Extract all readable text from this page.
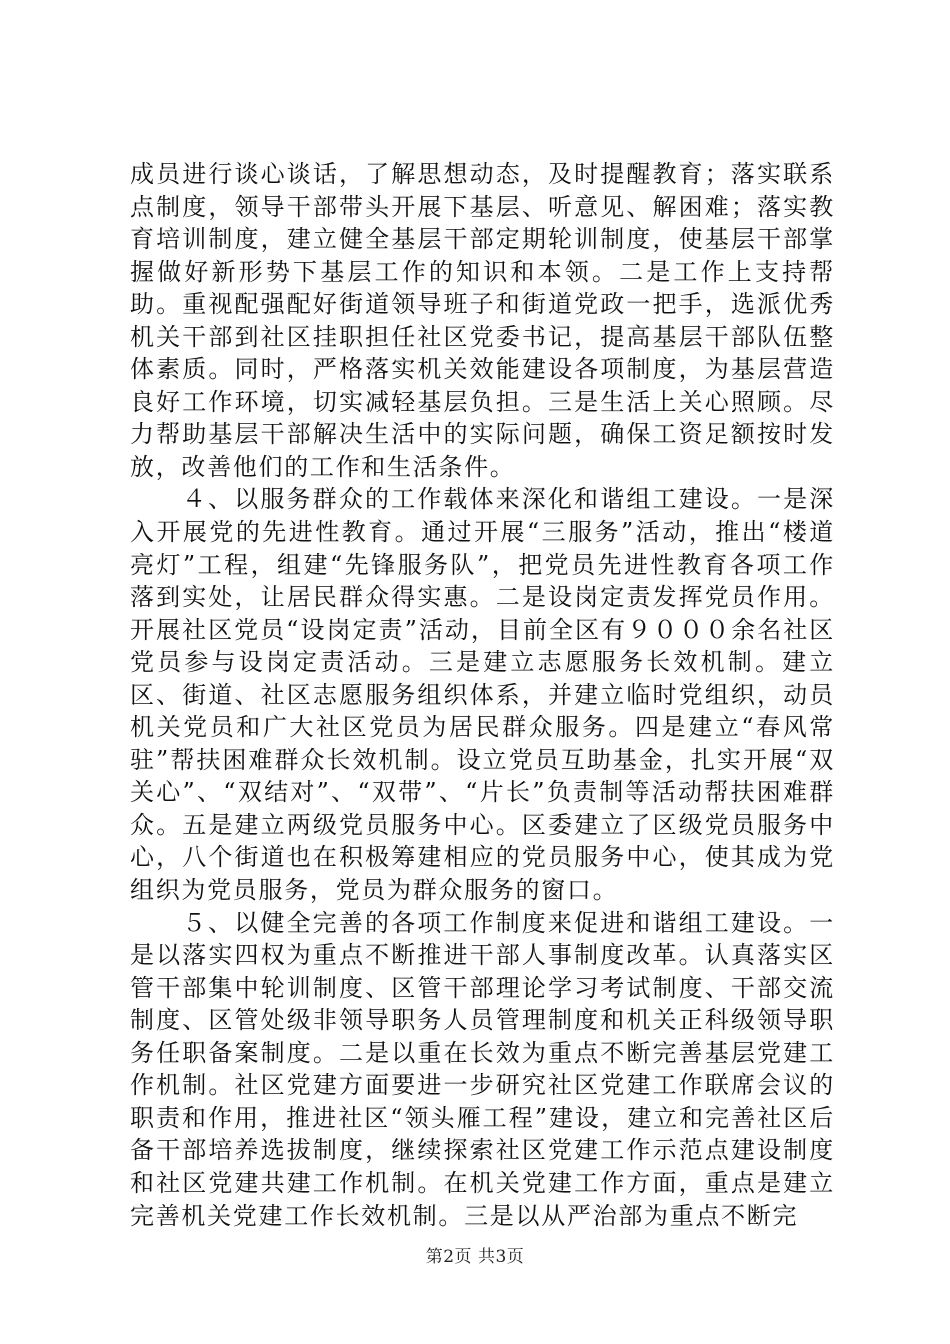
成员进行谈心谈话，了解思想动态，及时提醒教育；落实联系点制度，领导干部带头开展下基层、听意见、解困难；落实教育培训制度，建立健全基层干部定期轮训制度，使基层干部掌握做好新形势下基层工作的知识和本领。二是工作上支持帮助。重视配强配好街道领导班子和街道党政一把手，选派优秀机关干部到社区挂职担任社区党委书记，提高基层干部队伍整体素质。同时，严格落实机关效能建设各项制度，为基层营造良好工作环境，切实减轻基层负担。三是生活上关心照顾。尽力帮助基层干部解决生活中的实际问题，确保工资足额按时发放，改善他们的工作和生活条件。

４、以服务群众的工作载体来深化和谐组工建设。一是深入开展党的先进性教育。通过开展“三服务”活动，推出“楼道亮灯”工程，组建“先锋服务队”，把党员先进性教育各项工作落到实处，让居民群众得实惠。二是设岗定责发挥党员作用。开展社区党员“设岗定责”活动，目前全区有９０００余名社区党员参与设岗定责活动。三是建立志愿服务长效机制。建立区、街道、社区志愿服务组织体系，并建立临时党组织，动员机关党员和广大社区党员为居民群众服务。四是建立“春风常驻”帮扶困难群众长效机制。设立党员互助基金，扎实开展“双关心”、“双结对”、“双带”、“片长”负责制等活动帮扶困难群众。五是建立两级党员服务中心。区委建立了区级党员服务中心，八个街道也在积极筹建相应的党员服务中心，使其成为党组织为党员服务，党员为群众服务的窗口。

５、以健全完善的各项工作制度来促进和谐组工建设。一是以落实四权为重点不断推进干部人事制度改革。认真落实区管干部集中轮训制度、区管干部理论学习考试制度、干部交流制度、区管处级非领导职务人员管理制度和机关正科级领导职务任职备案制度。二是以重在长效为重点不断完善基层党建工作机制。社区党建方面要进一步研究社区党建工作联席会议的职责和作用，推进社区“领头雁工程”建设，建立和完善社区后备干部培养选拔制度，继续探索社区党建工作示范点建设制度和社区党建共建工作机制。在机关党建工作方面，重点是建立完善机关党建工作长效机制。三是以从严治部为重点不断完

第2页 共3页
